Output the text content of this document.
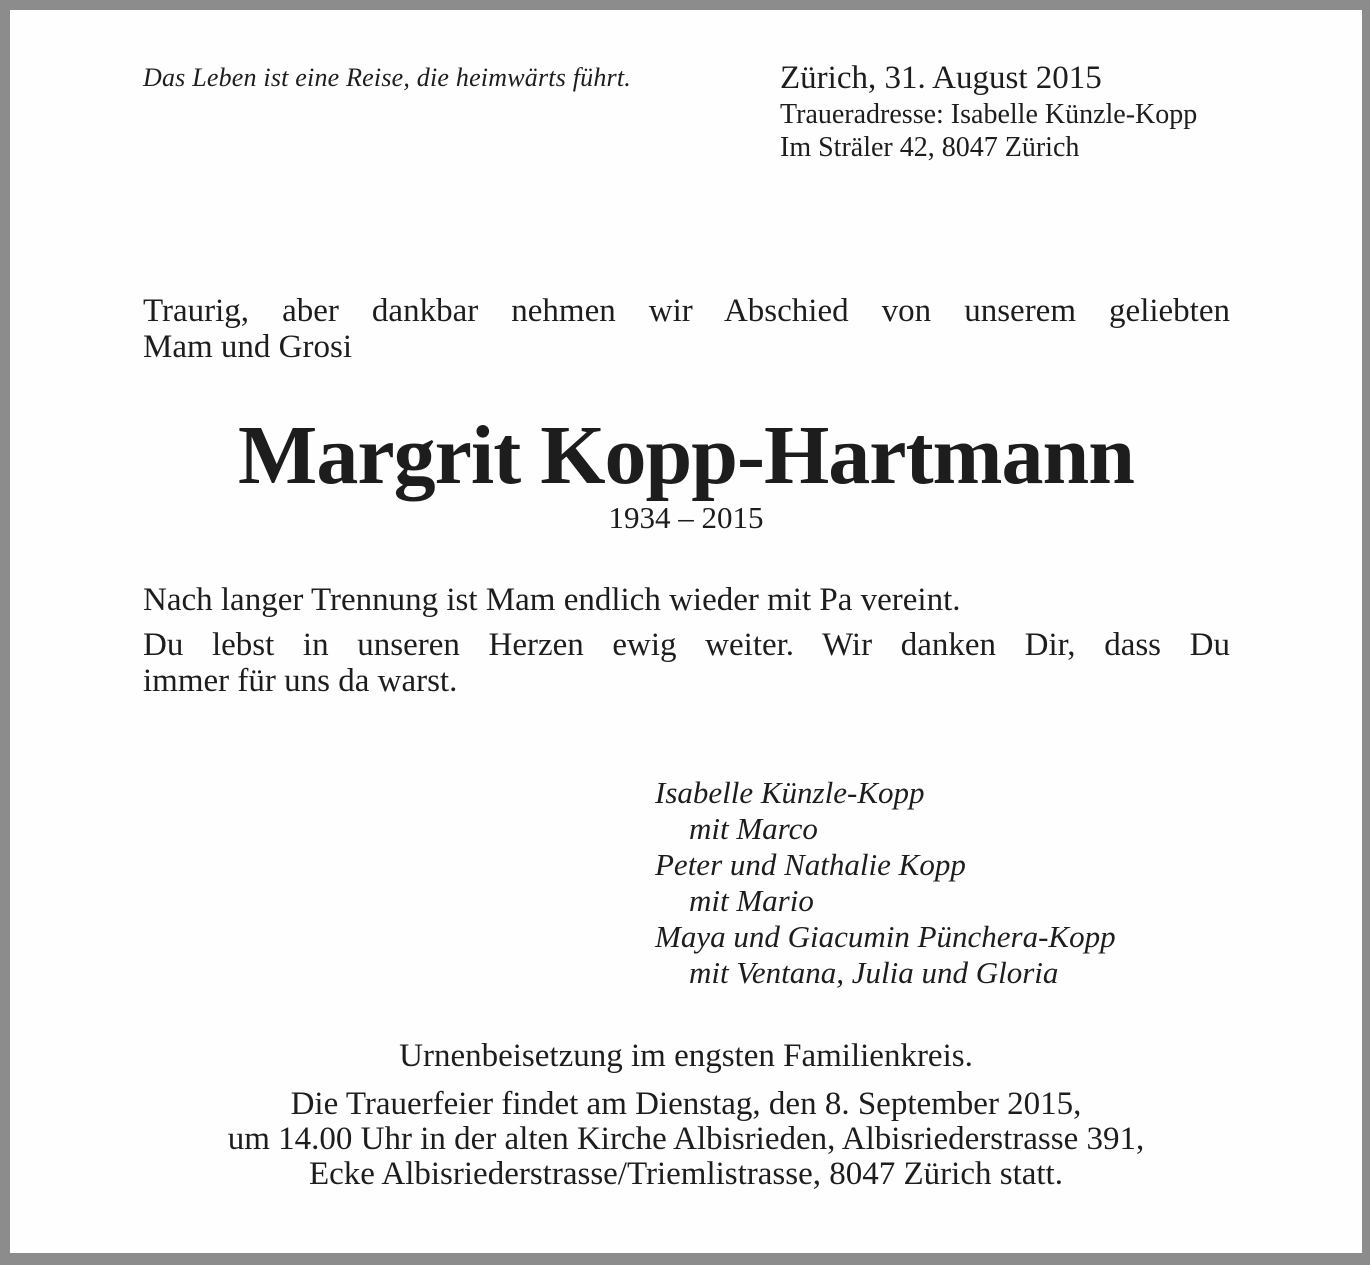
Das Leben ist eine Reise, die heimwärts führt.	Zürich, 31. August 2015
Traueradresse: Isabelle Künzle-Kopp
Im Sträler 42, 8047 Zürich
Traurig, aber dankbar nehmen wir Abschied von unserem geliebten
Mam und Grosi
Margrit Kopp-Hartmann
1934 – 2015
Nach langer Trennung ist Mam endlich wieder mit Pa vereint.
Du lebst in unseren Herzen ewig weiter. Wir danken Dir, dass Du
immer für uns da warst.
Isabelle Künzle-Kopp
mit Marco
Peter und Nathalie Kopp
mit Mario
Maya und Giacumin Pünchera-Kopp
mit Ventana, Julia und Gloria
Urnenbeisetzung im engsten Familienkreis.
Die Trauerfeier findet am Dienstag, den 8. September 2015,
um 14.00 Uhr in der alten Kirche Albisrieden, Albisriederstrasse 391,
Ecke Albisriederstrasse/Triemlistrasse, 8047 Zürich statt.
